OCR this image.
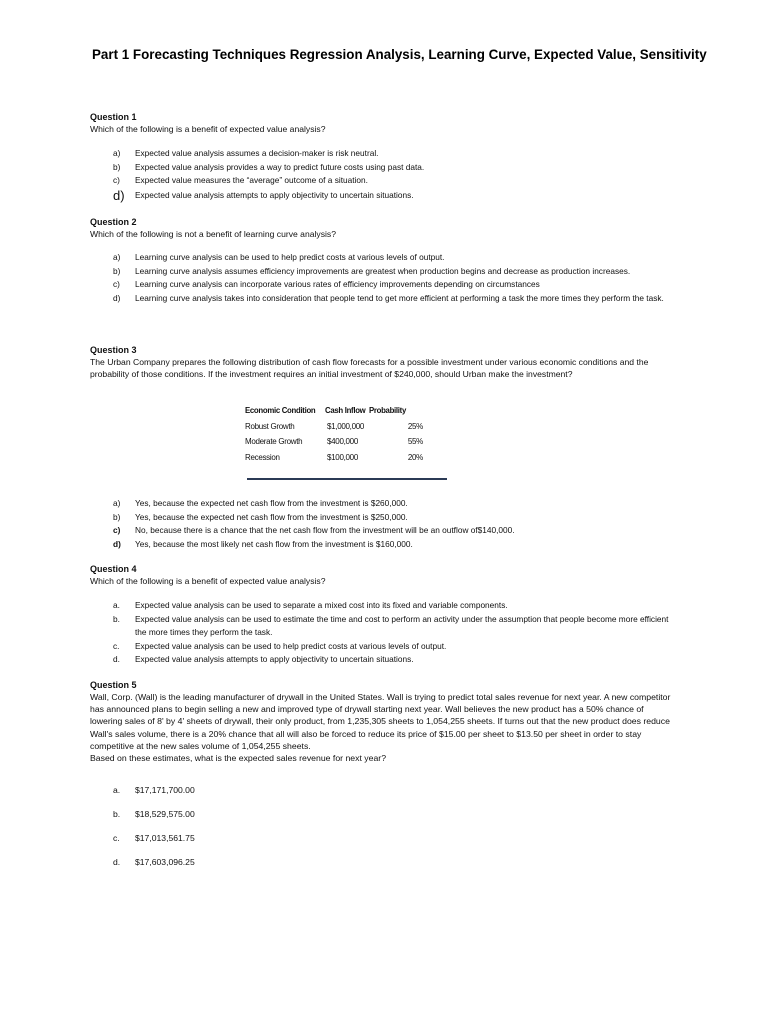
Part 1 Forecasting Techniques Regression Analysis, Learning Curve, Expected Value, Sensitivity

Question 1

Which of the following is a benefit of expected value analysis?

a)	Expected value analysis assumes a decision-maker is risk neutral.
b)	Expected value analysis provides a way to predict future costs using past data.
c)	Expected value measures the “average” outcome of a situation.
d)	Expected value analysis attempts to apply objectivity to uncertain situations.

Question 2

Which of the following is not a benefit of learning curve analysis?

a)	Learning curve analysis can be used to help predict costs at various levels of output.
b)	Learning curve analysis assumes efficiency improvements are greatest when production begins and decrease as production increases.
c)	Learning curve analysis can incorporate various rates of efficiency improvements depending on circumstances
d)	Learning curve analysis takes into consideration that people tend to get more efficient at performing a task the more times they perform the task.

Question 3

The Urban Company prepares the following distribution of cash flow forecasts for a possible investment under various economic conditions and the probability of those conditions. If the investment requires an initial investment of $240,000, should Urban make the investment?

Economic Condition	Cash Inflow Probability
Robust Growth	$1,000,000	25%
Moderate Growth	$400,000	55%
Recession	$100,000	20%
a)	Yes, because the expected net cash flow from the investment is $260,000.
b)	Yes, because the expected net cash flow from the investment is $250,000.
c)	No, because there is a chance that the net cash flow from the investment will be an outflow of$140,000.
d)	Yes, because the most likely net cash flow from the investment is $160,000.

Question 4

Which of the following is a benefit of expected value analysis?

a.	Expected value analysis can be used to separate a mixed cost into its fixed and variable components.
b.	Expected value analysis can be used to estimate the time and cost to perform an activity under the assumption that people become more efficient the more times they perform the task.
c.	Expected value analysis can be used to help predict costs at various levels of output.
d.	Expected value analysis attempts to apply objectivity to uncertain situations.

Question 5

Wall, Corp. (Wall) is the leading manufacturer of drywall in the United States. Wall is trying to predict total sales revenue for next year. A new competitor has announced plans to begin selling a new and improved type of drywall starting next year. Wall believes the new product has a 50% chance of lowering sales of 8' by 4' sheets of drywall, their only product, from 1,235,305 sheets to 1,054,255 sheets. If turns out that the new product does reduce Wall's sales volume, there is a 20% chance that all will also be forced to reduce its price of $15.00 per sheet to $13.50 per sheet in order to stay competitive at the new sales volume of 1,054,255 sheets.

Based on these estimates, what is the expected sales revenue for next year?

a.	$17,171,700.00
b.	$18,529,575.00
c.	$17,013,561.75
d.	$17,603,096.25
